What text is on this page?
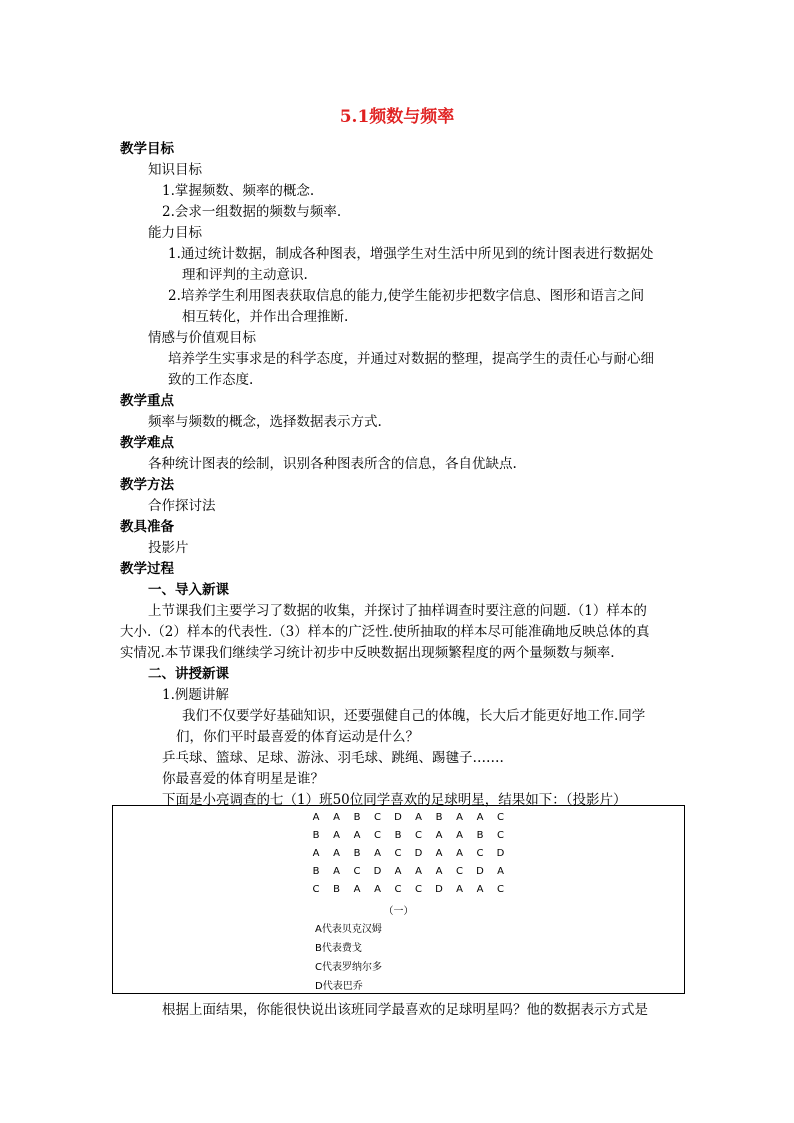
5.1频数与频率
教学目标
知识目标
1.掌握频数、频率的概念.
2.会求一组数据的频数与频率.
能力目标
1.通过统计数据，制成各种图表，增强学生对生活中所见到的统计图表进行数据处
理和评判的主动意识.
2.培养学生利用图表获取信息的能力,使学生能初步把数字信息、图形和语言之间
相互转化，并作出合理推断.
情感与价值观目标
培养学生实事求是的科学态度，并通过对数据的整理，提高学生的责任心与耐心细
致的工作态度.
教学重点
频率与频数的概念，选择数据表示方式.
教学难点
各种统计图表的绘制，识别各种图表所含的信息，各自优缺点.
教学方法
合作探讨法
教具准备
投影片
教学过程
一、导入新课
上节课我们主要学习了数据的收集，并探讨了抽样调查时要注意的问题.（1）样本的
大小.（2）样本的代表性.（3）样本的广泛性.使所抽取的样本尽可能准确地反映总体的真
实情况.本节课我们继续学习统计初步中反映数据出现频繁程度的两个量频数与频率.
二、讲授新课
1.例题讲解
我们不仅要学好基础知识，还要强健自己的体魄，长大后才能更好地工作.同学
们，你们平时最喜爱的体育运动是什么？
乒乓球、篮球、足球、游泳、羽毛球、跳绳、踢毽子…….
你最喜爱的体育明星是谁？
下面是小亮调查的七（1）班50位同学喜欢的足球明星，结果如下：（投影片）
A A B C D A B A A C
B A A C B C A A B C
A A B A C D A A C D
B A C D A A A C D A
C B A A C C D A A C
（一）
A代表贝克汉姆
B代表费戈
C代表罗纳尔多
D代表巴乔
根据上面结果，你能很快说出该班同学最喜欢的足球明星吗？他的数据表示方式是
